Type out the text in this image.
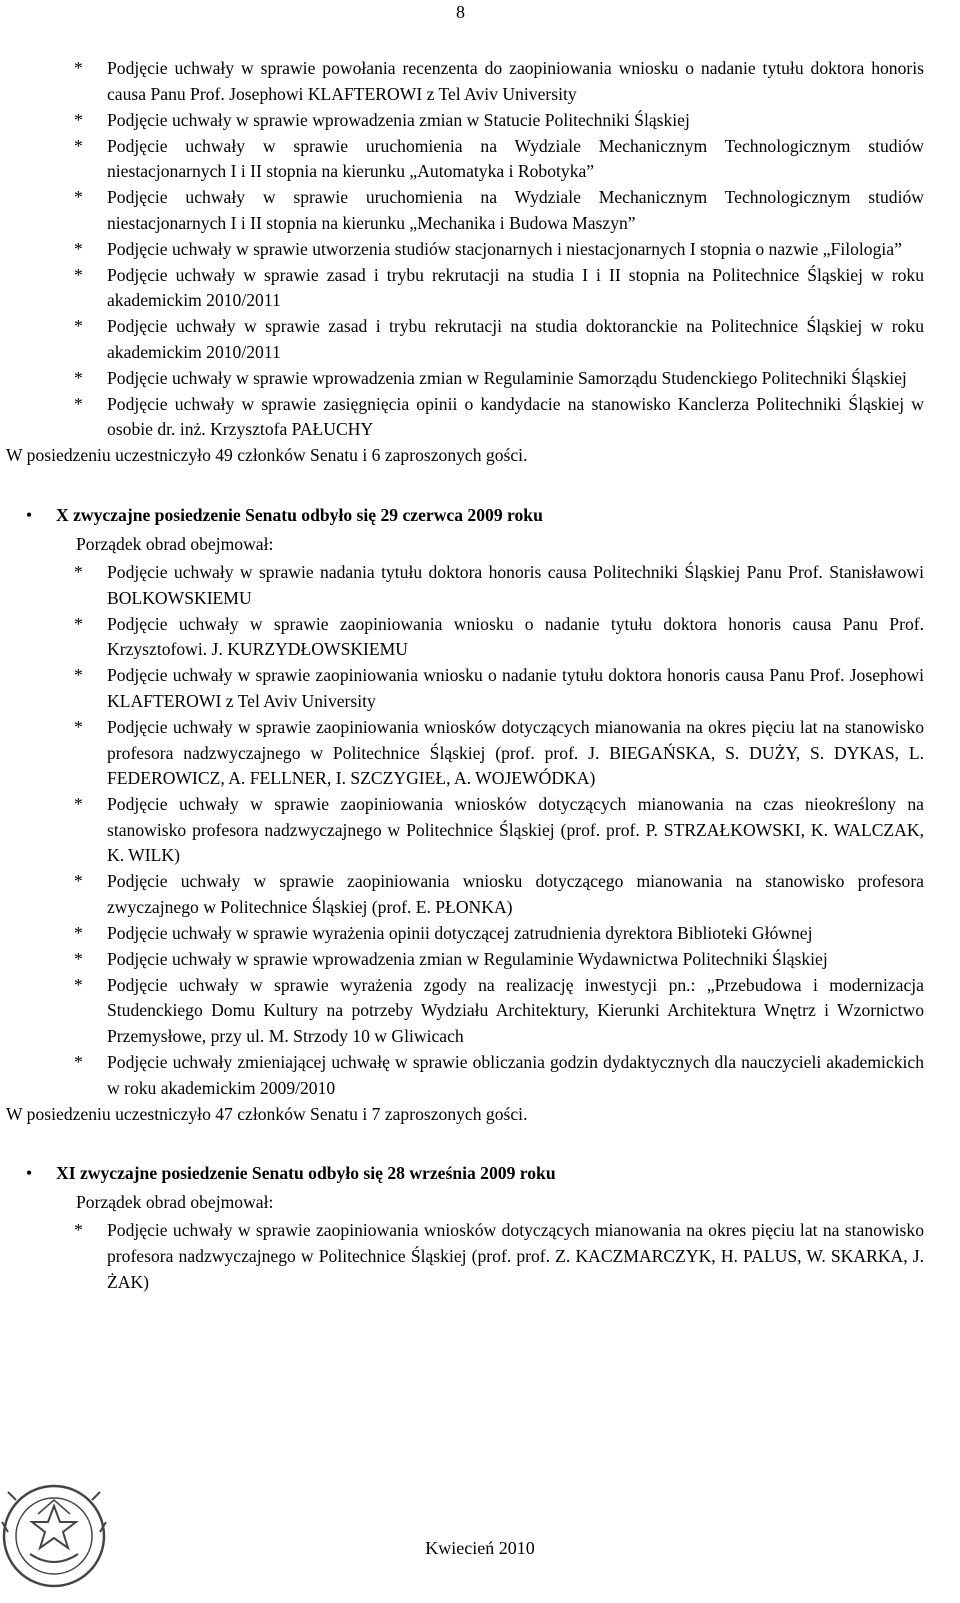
8
*	Podjęcie uchwały w sprawie powołania recenzenta do zaopiniowania wniosku o nadanie tytułu doktora honoris causa Panu Prof. Josephowi KLAFTEROWI z Tel Aviv University
*	Podjęcie uchwały w sprawie wprowadzenia zmian w Statucie Politechniki Śląskiej
*	Podjęcie uchwały w sprawie uruchomienia na Wydziale Mechanicznym Technologicznym studiów niestacjonarnych I i II stopnia na kierunku „Automatyka i Robotyka”
*	Podjęcie uchwały w sprawie uruchomienia na Wydziale Mechanicznym Technologicznym studiów niestacjonarnych I i II stopnia na kierunku „Mechanika i Budowa Maszyn”
*	Podjęcie uchwały w sprawie utworzenia studiów stacjonarnych i niestacjonarnych I stopnia o nazwie „Filologia”
*	Podjęcie uchwały w sprawie zasad i trybu rekrutacji na studia I i II stopnia na Politechnice Śląskiej w roku akademickim 2010/2011
*	Podjęcie uchwały w sprawie zasad i trybu rekrutacji na studia doktoranckie na Politechnice Śląskiej w roku akademickim 2010/2011
*	Podjęcie uchwały w sprawie wprowadzenia zmian w Regulaminie Samorządu Studenckiego Politechniki Śląskiej
*	Podjęcie uchwały w sprawie zasięgnięcia opinii o kandydacie na stanowisko Kanclerza Politechniki Śląskiej w osobie dr. inż. Krzysztofa PAŁUCHY

W posiedzeniu uczestniczyło 49 członków Senatu i 6 zaproszonych gości.

• X zwyczajne posiedzenie Senatu odbyło się 29 czerwca 2009 roku
Porządek obrad obejmował:
*	Podjęcie uchwały w sprawie nadania tytułu doktora honoris causa Politechniki Śląskiej Panu Prof. Stanisławowi BOLKOWSKIEMU
*	Podjęcie uchwały w sprawie zaopiniowania wniosku o nadanie tytułu doktora honoris causa Panu Prof. Krzysztofowi. J. KURZYDŁOWSKIEMU
*	Podjęcie uchwały w sprawie zaopiniowania wniosku o nadanie tytułu doktora honoris causa Panu Prof. Josephowi KLAFTEROWI z Tel Aviv University
*	Podjęcie uchwały w sprawie zaopiniowania wniosków dotyczących mianowania na okres pięciu lat na stanowisko profesora nadzwyczajnego w Politechnice Śląskiej (prof. prof. J. BIEGAŃSKA, S. DUŻY, S. DYKAS, L. FEDEROWICZ, A. FELLNER, I. SZCZYGIEŁ, A. WOJEWÓDKA)
*	Podjęcie uchwały w sprawie zaopiniowania wniosków dotyczących mianowania na czas nieokreślony na stanowisko profesora nadzwyczajnego w Politechnice Śląskiej (prof. prof. P. STRZAŁKOWSKI, K. WALCZAK, K. WILK)
*	Podjęcie uchwały w sprawie zaopiniowania wniosku dotyczącego mianowania na stanowisko profesora zwyczajnego w Politechnice Śląskiej (prof. E. PŁONKA)
*	Podjęcie uchwały w sprawie wyrażenia opinii dotyczącej zatrudnienia dyrektora Biblioteki Głównej
*	Podjęcie uchwały w sprawie wprowadzenia zmian w Regulaminie Wydawnictwa Politechniki Śląskiej
*	Podjęcie uchwały w sprawie wyrażenia zgody na realizację inwestycji pn.: „Przebudowa i modernizacja Studenckiego Domu Kultury na potrzeby Wydziału Architektury, Kierunki Architektura Wnętrz i Wzornictwo Przemysłowe, przy ul. M. Strzody 10 w Gliwicach
*	Podjęcie uchwały zmieniającej uchwałę w sprawie obliczania godzin dydaktycznych dla nauczycieli akademickich w roku akademickim 2009/2010

W posiedzeniu uczestniczyło 47 członków Senatu i 7 zaproszonych gości.

• XI zwyczajne posiedzenie Senatu odbyło się 28 września 2009 roku
Porządek obrad obejmował:
*	Podjęcie uchwały w sprawie zaopiniowania wniosków dotyczących mianowania na okres pięciu lat na stanowisko profesora nadzwyczajnego w Politechnice Śląskiej (prof. prof. Z. KACZMARCZYK, H. PALUS, W. SKARKA, J. ŻAK)
Kwiecień 2010
